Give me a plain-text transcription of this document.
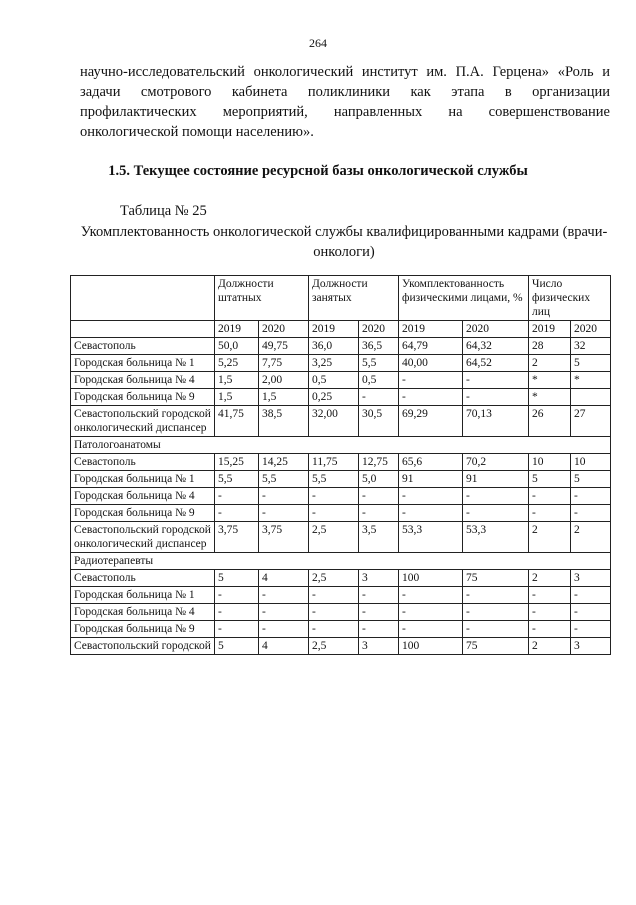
264
научно-исследовательский онкологический институт им. П.А. Герцена» «Роль и задачи смотрового кабинета поликлиники как этапа в организации профилактических мероприятий, направленных на совершенствование онкологической помощи населению».
1.5. Текущее состояние ресурсной базы онкологической службы
Таблица № 25
Укомплектованность онкологической службы квалифицированными кадрами (врачи-онкологи)
	Должности штатных		Должности занятых		Укомплектованность физическими лицами, %		Число физических лиц	
	2019	2020	2019	2020	2019	2020	2019	2020
Севастополь	50,0	49,75	36,0	36,5	64,79	64,32	28	32
Городская больница № 1	5,25	7,75	3,25	5,5	40,00	64,52	2	5
Городская больница № 4	1,5	2,00	0,5	0,5	-	-	*	*
Городская больница № 9	1,5	1,5	0,25	-	-	-	*	
Севастопольский городской онкологический диспансер	41,75	38,5	32,00	30,5	69,29	70,13	26	27
Патологоанатомы								
Севастополь	15,25	14,25	11,75	12,75	65,6	70,2	10	10
Городская больница № 1	5,5	5,5	5,5	5,0	91	91	5	5
Городская больница № 4	-	-	-	-	-	-	-	-
Городская больница № 9	-	-	-	-	-	-	-	-
Севастопольский городской онкологический диспансер	3,75	3,75	2,5	3,5	53,3	53,3	2	2
Радиотерапевты								
Севастополь	5	4	2,5	3	100	75	2	3
Городская больница № 1	-	-	-	-	-	-	-	-
Городская больница № 4	-	-	-	-	-	-	-	-
Городская больница № 9	-	-	-	-	-	-	-	-
Севастопольский городской	5	4	2,5	3	100	75	2	3
